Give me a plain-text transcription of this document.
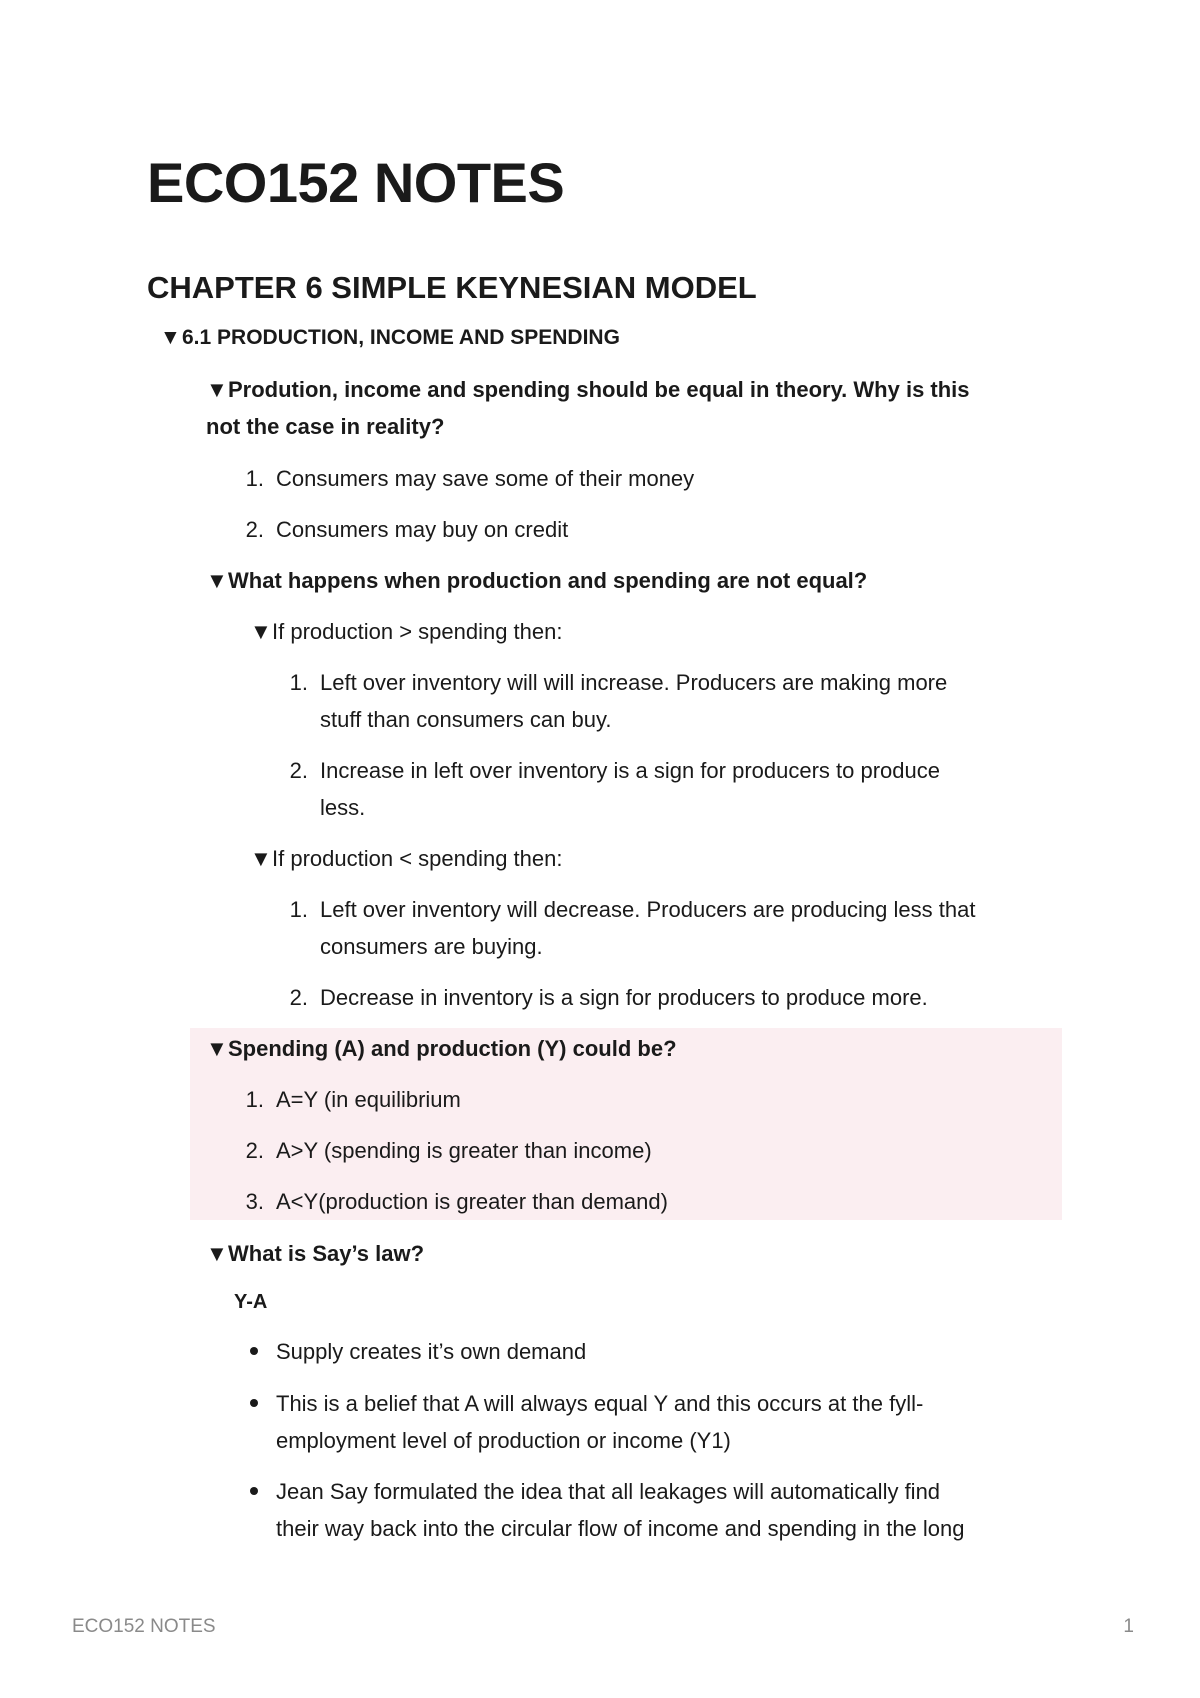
ECO152 NOTES
CHAPTER 6 SIMPLE KEYNESIAN MODEL
▼6.1 PRODUCTION, INCOME AND SPENDING
▼Prodution, income and spending should be equal in theory. Why is this
not the case in reality?
1. Consumers may save some of their money
2. Consumers may buy on credit
▼What happens when production and spending are not equal?
▼If production > spending then:
1. Left over inventory will will increase. Producers are making more
stuff than consumers can buy.
2. Increase in left over inventory is a sign for producers to produce
less.
▼If production < spending then:
1. Left over inventory will decrease. Producers are producing less that
consumers are buying.
2. Decrease in inventory is a sign for producers to produce more.
▼Spending (A) and production (Y) could be?
1. A=Y (in equilibrium
2. A>Y (spending is greater than income)
3. A<Y(production is greater than demand)
▼What is Say’s law?
Y-A
Supply creates it’s own demand
This is a belief that A will always equal Y and this occurs at the fyll-
employment level of production or income (Y1)
Jean Say formulated the idea that all leakages will automatically find
their way back into the circular flow of income and spending in the long
ECO152 NOTES	1
